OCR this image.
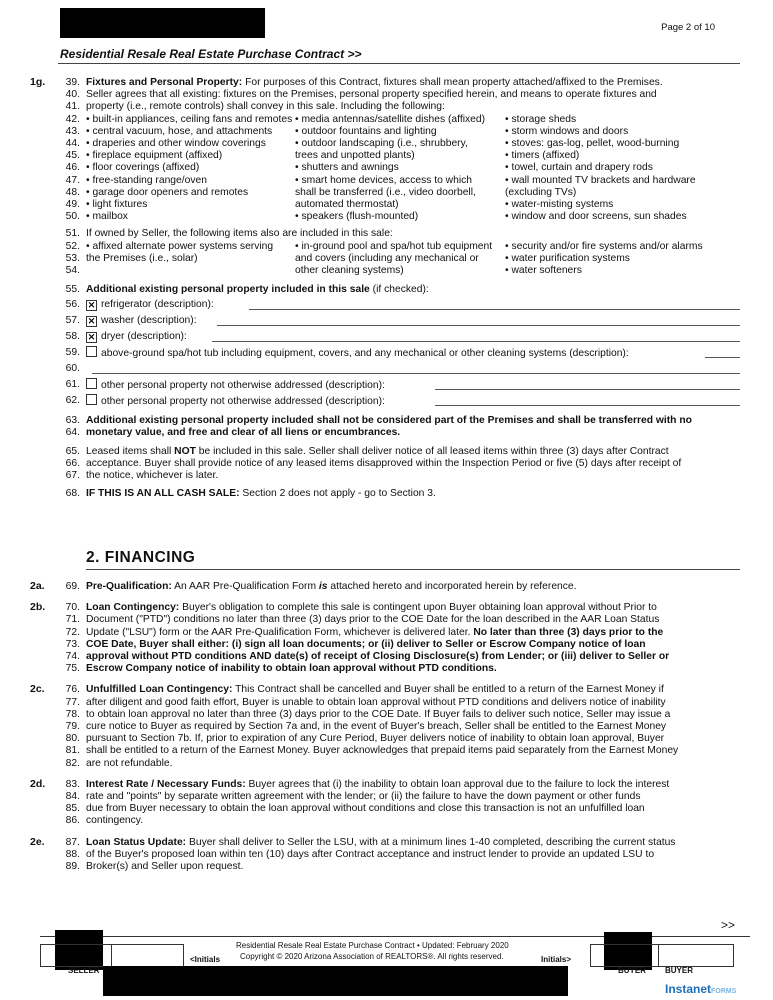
Page 2 of 10
Residential Resale Real Estate Purchase Contract >>
1g.	39. Fixtures and Personal Property: For purposes of this Contract, fixtures shall mean property attached/affixed to the Premises.
40. Seller agrees that all existing: fixtures on the Premises, personal property specified herein, and means to operate fixtures and
41. property (i.e., remote controls) shall convey in this sale. Including the following:
42. • built-in appliances, ceiling fans and remotes • media antennas/satellite dishes (affixed) • storage sheds
43. • central vacuum, hose, and attachments • outdoor fountains and lighting	• storm windows and doors
44. • draperies and other window coverings	• outdoor landscaping (i.e., shrubbery,	• stoves: gas-log, pellet, wood-burning
45. • fireplace equipment (affixed)	trees and unpotted plants)	• timers (affixed)
46. • floor coverings (affixed)	• shutters and awnings	• towel, curtain and drapery rods
47. • free-standing range/oven	• smart home devices, access to which	• wall mounted TV brackets and hardware
48. • garage door openers and remotes	shall be transferred (i.e., video doorbell,	(excluding TVs)
49. • light fixtures	automated thermostat)	• water-misting systems
50. • mailbox	• speakers (flush-mounted)	• window and door screens, sun shades
51. If owned by Seller, the following items also are included in this sale:
52. • affixed alternate power systems serving • in-ground pool and spa/hot tub equipment • security and/or fire systems and/or alarms
53. the Premises (i.e., solar)	and covers (including any mechanical or	• water purification systems
54.	other cleaning systems)	• water softeners
55. Additional existing personal property included in this sale (if checked):
56. ✕ refrigerator (description):
57. ✕ washer (description):
58. ✕ dryer (description):
59.	above-ground spa/hot tub including equipment, covers, and any mechanical or other cleaning systems (description):
60.
61.	other personal property not otherwise addressed (description):
62.	other personal property not otherwise addressed (description):
63. Additional existing personal property included shall not be considered part of the Premises and shall be transferred with no
64. monetary value, and free and clear of all liens or encumbrances.
65. Leased items shall NOT be included in this sale. Seller shall deliver notice of all leased items within three (3) days after Contract
66. acceptance. Buyer shall provide notice of any leased items disapproved within the Inspection Period or five (5) days after receipt of
67. the notice, whichever is later.
68. IF THIS IS AN ALL CASH SALE: Section 2 does not apply - go to Section 3.
2a.	69. Pre-Qualification: An AAR Pre-Qualification Form is attached hereto and incorporated herein by reference.
2b.	70. Loan Contingency: Buyer's obligation to complete this sale is contingent upon Buyer obtaining loan approval without Prior to
71. Document ("PTD") conditions no later than three (3) days prior to the COE Date for the loan described in the AAR Loan Status
72. Update ("LSU") form or the AAR Pre-Qualification Form, whichever is delivered later. No later than three (3) days prior to the
73. COE Date, Buyer shall either: (i) sign all loan documents; or (ii) deliver to Seller or Escrow Company notice of loan
74. approval without PTD conditions AND date(s) of receipt of Closing Disclosure(s) from Lender; or (iii) deliver to Seller or
75. Escrow Company notice of inability to obtain loan approval without PTD conditions.
2c.	76. Unfulfilled Loan Contingency: This Contract shall be cancelled and Buyer shall be entitled to a return of the Earnest Money if
77. after diligent and good faith effort, Buyer is unable to obtain loan approval without PTD conditions and delivers notice of inability
78. to obtain loan approval no later than three (3) days prior to the COE Date. If Buyer fails to deliver such notice, Seller may issue a
79. cure notice to Buyer as required by Section 7a and, in the event of Buyer's breach, Seller shall be entitled to the Earnest Money
80. pursuant to Section 7b. If, prior to expiration of any Cure Period, Buyer delivers notice of inability to obtain loan approval, Buyer
81. shall be entitled to a return of the Earnest Money. Buyer acknowledges that prepaid items paid separately from the Earnest Money
82. are not refundable.
2d.	83. Interest Rate / Necessary Funds: Buyer agrees that (i) the inability to obtain loan approval due to the failure to lock the interest
84. rate and "points" by separate written agreement with the lender; or (ii) the failure to have the down payment or other funds
85. due from Buyer necessary to obtain the loan approval without conditions and close this transaction is not an unfulfilled loan
86. contingency.
2e.	87. Loan Status Update: Buyer shall deliver to Seller the LSU, with at a minimum lines 1-40 completed, describing the current status
88. of the Buyer's proposed loan within ten (10) days after Contract acceptance and instruct lender to provide an updated LSU to
89. Broker(s) and Seller upon request.
2. FINANCING
>>
SELLER
<Initials
Residential Resale Real Estate Purchase Contract • Updated: February 2020
Copyright © 2020 Arizona Association of REALTORS®. All rights reserved.	Initials>
BUYER BUYER
InstanetFORMS
